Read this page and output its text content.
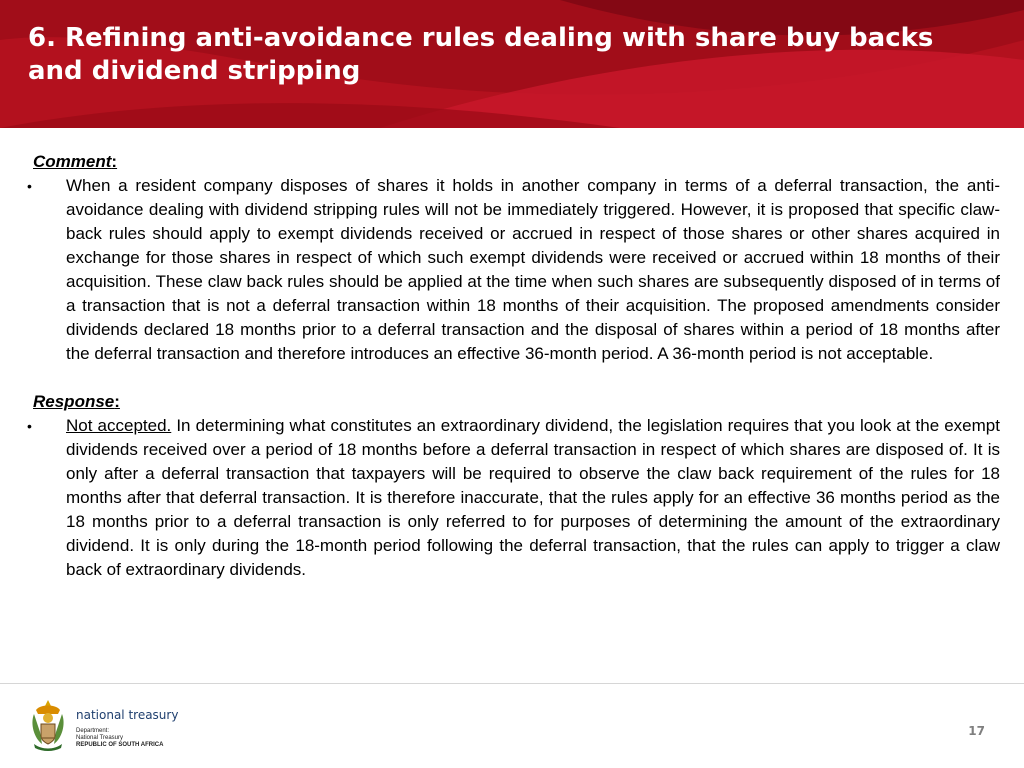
6. Refining anti-avoidance rules dealing with share buy backs and dividend stripping

Comment:

• When a resident company disposes of shares it holds in another company in terms of a deferral transaction, the anti-avoidance dealing with dividend stripping rules will not be immediately triggered. However, it is proposed that specific claw-back rules should apply to exempt dividends received or accrued in respect of those shares or other shares acquired in exchange for those shares in respect of which such exempt dividends were received or accrued within 18 months of their acquisition. These claw back rules should be applied at the time when such shares are subsequently disposed of in terms of a transaction that is not a deferral transaction within 18 months of their acquisition. The proposed amendments consider dividends declared 18 months prior to a deferral transaction and the disposal of shares within a period of 18 months after the deferral transaction and therefore introduces an effective 36-month period. A 36-month period is not acceptable.

Response:

• Not accepted. In determining what constitutes an extraordinary dividend, the legislation requires that you look at the exempt dividends received over a period of 18 months before a deferral transaction in respect of which shares are disposed of. It is only after a deferral transaction that taxpayers will be required to observe the claw back requirement of the rules for 18 months after that deferral transaction. It is therefore inaccurate, that the rules apply for an effective 36 months period as the 18 months prior to a deferral transaction is only referred to for purposes of determining the amount of the extraordinary dividend. It is only during the 18-month period following the deferral transaction, that the rules can apply to trigger a claw back of extraordinary dividends.

national treasury
Department:
National Treasury
REPUBLIC OF SOUTH AFRICA
17
